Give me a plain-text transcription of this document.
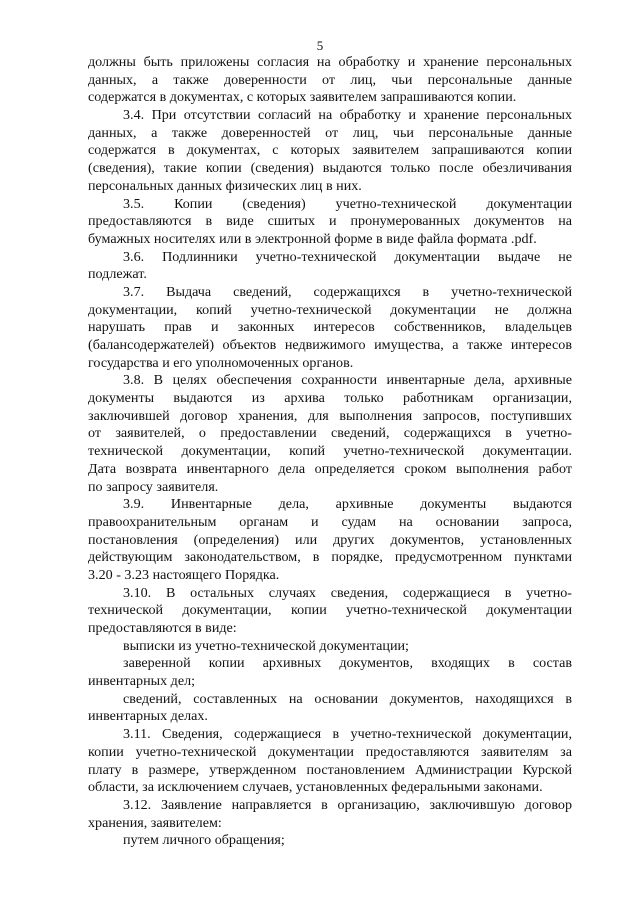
5
должны быть приложены согласия на обработку и хранение персональных
данных, а также доверенности от лиц, чьи персональные данные
содержатся в документах, с которых заявителем запрашиваются копии.
3.4. При отсутствии согласий на обработку и хранение персональных
данных, а также доверенностей от лиц, чьи персональные данные
содержатся в документах, с которых заявителем запрашиваются копии
(сведения), такие копии (сведения) выдаются только после обезличивания
персональных данных физических лиц в них.
3.5. Копии (сведения) учетно-технической документации
предоставляются в виде сшитых и пронумерованных документов на
бумажных носителях или в электронной форме в виде файла формата .pdf.
3.6. Подлинники учетно-технической документации выдаче не
подлежат.
3.7. Выдача сведений, содержащихся в учетно-технической
документации, копий учетно-технической документации не должна
нарушать прав и законных интересов собственников, владельцев
(балансодержателей) объектов недвижимого имущества, а также интересов
государства и его уполномоченных органов.
3.8. В целях обеспечения сохранности инвентарные дела, архивные
документы выдаются из архива только работникам организации,
заключившей договор хранения, для выполнения запросов, поступивших
от заявителей, о предоставлении сведений, содержащихся в учетно-
технической документации, копий учетно-технической документации.
Дата возврата инвентарного дела определяется сроком выполнения работ
по запросу заявителя.
3.9. Инвентарные дела, архивные документы выдаются
правоохранительным органам и судам на основании запроса,
постановления (определения) или других документов, установленных
действующим законодательством, в порядке, предусмотренном пунктами
3.20 - 3.23 настоящего Порядка.
3.10. В остальных случаях сведения, содержащиеся в учетно-
технической документации, копии учетно-технической документации
предоставляются в виде:
выписки из учетно-технической документации;
заверенной копии архивных документов, входящих в состав
инвентарных дел;
сведений, составленных на основании документов, находящихся в
инвентарных делах.
3.11. Сведения, содержащиеся в учетно-технической документации,
копии учетно-технической документации предоставляются заявителям за
плату в размере, утвержденном постановлением Администрации Курской
области, за исключением случаев, установленных федеральными законами.
3.12. Заявление направляется в организацию, заключившую договор
хранения, заявителем:
путем личного обращения;
